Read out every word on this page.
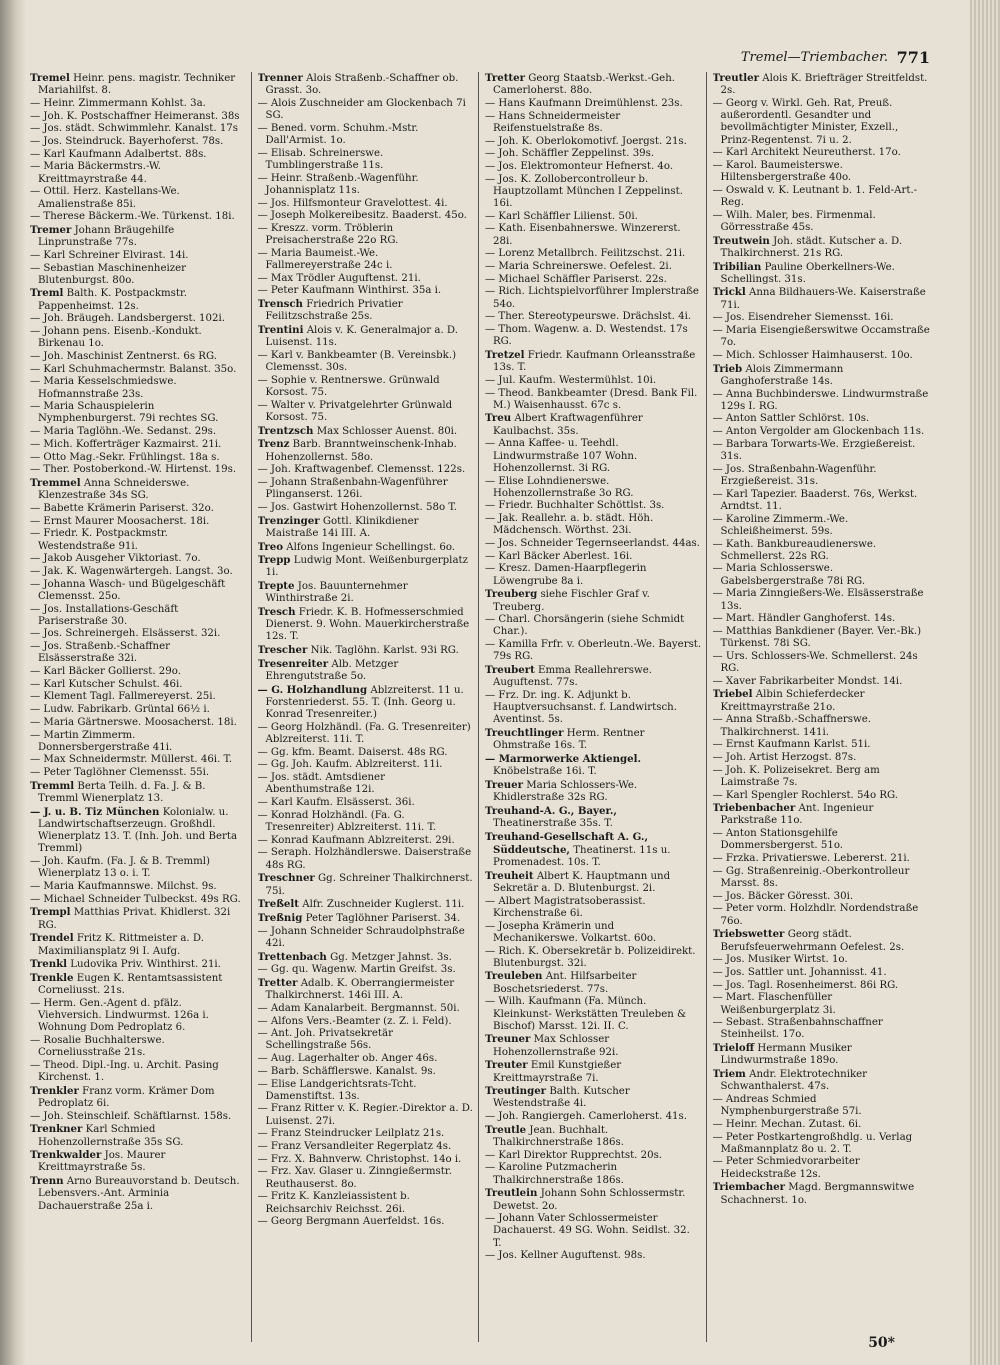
Tremel—Triembacher. 771
Tremel Heinr. pens. magistr. Techniker Mariahilfst. 8.
— Heinr. Zimmermann Kohlst. 3a.
— Joh. K. Postschaffner Heimeranst. 38s
— Jos. städt. Schwimmlehr. Kanalst. 17s
— Jos. Steindruck. Bayerhoferst. 78s.
— Karl Kaufmann Adalbertst. 88s.
— Maria Bäckermstrs.-W. Kreittmayrstraße 44.
— Ottil. Herz. Kastellans-We. Amalienstraße 85i.
— Therese Bäckerm.-We. Türkenst. 18i.
Tremer Johann Bräugehilfe Linprunstraße 77s.
— Karl Schreiner Elvirast. 14i.
— Sebastian Maschinenheizer Blutenburgst. 80o.
Treml Balth. K. Postpackmstr. Pappenheimst. 12s.
— Joh. Bräugeh. Landsbergerst. 102i.
— Johann pens. Eisenb.-Kondukt. Birkenau 1o.
— Joh. Maschinist Zentnerst. 6s RG.
— Karl Schuhmachermstr. Balanst. 35o.
— Maria Kesselschmiedswe. Hofmannstraße 23s.
— Maria Schauspielerin Nymphenburgerst. 79i rechtes SG.
— Maria Taglöhn.-We. Sedanst. 29s.
— Mich. Kofferträger Kazmairst. 21i.
— Otto Mag.-Sekr. Frühlingst. 18a s.
— Ther. Postoberkond.-W. Hirtenst. 19s.
Tremmel Anna Schneiderswe. Klenzestraße 34s SG.
— Babette Krämerin Pariserst. 32o.
— Ernst Maurer Moosacherst. 18i.
— Friedr. K. Postpackmstr. Westendstraße 91i.
— Jakob Ausgeher Viktoriast. 7o.
— Jak. K. Wagenwärtergeh. Langst. 3o.
— Johanna Wasch- und Bügelgeschäft Clemensst. 25o.
— Jos. Installations-Geschäft Pariserstraße 30.
— Jos. Schreinergeh. Elsässerst. 32i.
— Jos. Straßenb.-Schaffner Elsässerstraße 32i.
— Karl Bäcker Gollierst. 29o.
— Karl Kutscher Schulst. 46i.
— Klement Tagl. Fallmereyerst. 25i.
— Ludw. Fabrikarb. Grüntal 66½ i.
— Maria Gärtnerswe. Moosacherst. 18i.
— Martin Zimmerm. Donnersbergerstraße 41i.
— Max Schneidermstr. Müllerst. 46i. T.
— Peter Taglöhner Clemensst. 55i.
Tremml Berta Teilh. d. Fa. J. & B. Tremml Wienerplatz 13.
— J. u. B. Tiz München Kolonialw. u. Landwirtschaftserzeugn. Großhdl. Wienerplatz 13. T. (Inh. Joh. und Berta Tremml)
— Joh. Kaufm. (Fa. J. & B. Tremml) Wienerplatz 13 o. i. T.
— Maria Kaufmannswe. Milchst. 9s.
— Michael Schneider Tulbeckst. 49s RG.
Trempl Matthias Privat. Khidlerst. 32i RG.
Trendel Fritz K. Rittmeister a. D. Maximiliansplatz 9i I. Aufg.
Trenkl Ludovika Priv. Winthirst. 21i.
Trenkle Eugen K. Rentamtsassistent Corneliusst. 21s.
— Herm. Gen.-Agent d. pfälz. Viehversich. Lindwurmst. 126a i. Wohnung Dom Pedroplatz 6.
— Rosalie Buchhalterswe. Corneliusstraße 21s.
— Theod. Dipl.-Ing. u. Archit. Pasing Kirchenst. 1.
Trenkler Franz vorm. Krämer Dom Pedroplatz 6i.
— Joh. Steinschleif. Schäftlarnst. 158s.
Trenkner Karl Schmied Hohenzollernstraße 35s SG.
Trenkwalder Jos. Maurer Kreittmayrstraße 5s.
Trenn Arno Bureauvorstand b. Deutsch. Lebensvers.-Ant. Arminia Dachauerstraße 25a i.
Trenner Alois Straßenb.-Schaffner ob. Grasst. 3o.
— Alois Zuschneider am Glockenbach 7i SG.
— Bened. vorm. Schuhm.-Mstr. Dall'Armist. 1o.
— Elisab. Schreinerswe. Tumblingerstraße 11s.
— Heinr. Straßenb.-Wagenführ. Johannisplatz 11s.
— Jos. Hilfsmonteur Gravelottest. 4i.
— Joseph Molkereibesitz. Baaderst. 45o.
— Kreszz. vorm. Tröblerin Preisacherstraße 22o RG.
— Maria Baumeist.-We. Fallmereyerstraße 24c i.
— Max Trödler Auguftenst. 21i.
— Peter Kaufmann Winthirst. 35a i.
Trensch Friedrich Privatier Feilitzschstraße 25s.
Trentini Alois v. K. Generalmajor a. D. Luisenst. 11s.
— Karl v. Bankbeamter (B. Vereinsbk.) Clemensst. 30s.
— Sophie v. Rentnerswe. Grünwald Korsost. 75.
— Walter v. Privatgelehrter Grünwald Korsost. 75.
Trentzsch Max Schlosser Auenst. 80i.
Trenz Barb. Branntweinschenk-Inhab. Hohenzollernst. 58o.
— Joh. Kraftwagenbef. Clemensst. 122s.
— Johann Straßenbahn-Wagenführer Plinganserst. 126i.
— Jos. Gastwirt Hohenzollernst. 58o T.
Trenzinger Gottl. Klinikdiener Maistraße 14i III. A.
Treo Alfons Ingenieur Schellingst. 6o.
Trepp Ludwig Mont. Weißenburgerplatz 1i.
Trepte Jos. Bauunternehmer Winthirstraße 2i.
Tresch Friedr. K. B. Hofmesserschmied Dienerst. 9. Wohn. Mauerkircherstraße 12s. T.
Trescher Nik. Taglöhn. Karlst. 93i RG.
Tresenreiter Alb. Metzger Ehrengutstraße 5o.
— G. Holzhandlung Ablzreiterst. 11 u. Forstenriederst. 55. T. (Inh. Georg u. Konrad Tresenreiter.)
— Georg Holzhändl. (Fa. G. Tresenreiter) Ablzreiterst. 11i. T.
— Gg. kfm. Beamt. Daiserst. 48s RG.
— Gg. Joh. Kaufm. Ablzreiterst. 11i.
— Jos. städt. Amtsdiener Abenthumstraße 12i.
— Karl Kaufm. Elsässerst. 36i.
— Konrad Holzhändl. (Fa. G. Tresenreiter) Ablzreiterst. 11i. T.
— Konrad Kaufmann Ablzreiterst. 29i.
— Seraph. Holzhändlerswe. Daiserstraße 48s RG.
Treschner Gg. Schreiner Thalkirchnerst. 75i.
Treßelt Alfr. Zuschneider Kuglerst. 11i.
Treßnig Peter Taglöhner Pariserst. 34.
— Johann Schneider Schraudolphstraße 42i.
Trettenbach Gg. Metzger Jahnst. 3s.
— Gg. qu. Wagenw. Martin Greifst. 3s.
Tretter Adalb. K. Oberrangiermeister Thalkirchnerst. 146i III. A.
— Adam Kanalarbeit. Bergmannst. 50i.
— Alfons Vers.-Beamter (z. Z. i. Feld).
— Ant. Joh. Privatsekretär Schellingstraße 56s.
— Aug. Lagerhalter ob. Anger 46s.
— Barb. Schäfflerswe. Kanalst. 9s.
— Elise Landgerichtsrats-Tcht. Damenstiftst. 13s.
— Franz Ritter v. K. Regier.-Direktor a. D. Luisenst. 27i.
— Franz Steindrucker Leilplatz 21s.
— Franz Versandleiter Regerplatz 4s.
— Frz. X. Bahnverw. Christophst. 14o i.
— Frz. Xav. Glaser u. Zinngießermstr. Reuthauserst. 8o.
— Fritz K. Kanzleiassistent b. Reichsarchiv Reichsst. 26i.
— Georg Bergmann Auerfeldst. 16s.
Tretter Georg Staatsb.-Werkst.-Geh. Camerloherst. 88o.
— Hans Kaufmann Dreimühlenst. 23s.
— Hans Schneidermeister Reifenstuelstraße 8s.
— Joh. K. Oberlokomotivf. Joergst. 21s.
— Joh. Schäffler Zeppelinst. 39s.
— Jos. Elektromonteur Hefnerst. 4o.
— Jos. K. Zollobercontrolleur b. Hauptzollamt München I Zeppelinst. 16i.
— Karl Schäffler Lilienst. 50i.
— Kath. Eisenbahnerswe. Winzererst. 28i.
— Lorenz Metallbrch. Feilitzschst. 21i.
— Maria Schreinerswe. Oefelest. 2i.
— Michael Schäffler Pariserst. 22s.
— Rich. Lichtspielvorführer Implerstraße 54o.
— Ther. Stereotypeurswe. Drächslst. 4i.
— Thom. Wagenw. a. D. Westendst. 17s RG.
Tretzel Friedr. Kaufmann Orleansstraße 13s. T.
— Jul. Kaufm. Westermühlst. 10i.
— Theod. Bankbeamter (Dresd. Bank Fil. M.) Waisenhausst. 67c s.
Treu Albert Kraftwagenführer Kaulbachst. 35s.
— Anna Kaffee- u. Teehdl. Lindwurmstraße 107 Wohn. Hohenzollernst. 3i RG.
— Elise Lohndienerswe. Hohenzollernstraße 3o RG.
— Friedr. Buchhalter Schöttlst. 3s.
— Jak. Reallehr. a. b. städt. Höh. Mädchensch. Wörthst. 23i.
— Jos. Schneider Tegernseerlandst. 44as.
— Karl Bäcker Aberlest. 16i.
— Kresz. Damen-Haarpflegerin Löwengrube 8a i.
Treuberg siehe Fischler Graf v. Treuberg.
— Charl. Chorsängerin (siehe Schmidt Char.).
— Kamilla Frfr. v. Oberleutn.-We. Bayerst. 79s RG.
Treubert Emma Reallehrerswe. Auguftenst. 77s.
— Frz. Dr. ing. K. Adjunkt b. Hauptversuchsanst. f. Landwirtsch. Aventinst. 5s.
Treuchtlinger Herm. Rentner Ohmstraße 16s. T.
— Marmorwerke Aktiengel. Knöbelstraße 16i. T.
Treuer Maria Schlossers-We. Khidlerstraße 32s RG.
Treuhand-A. G., Bayer., Theatinerstraße 35s. T.
Treuhand-Gesellschaft A. G., Süddeutsche, Theatinerst. 11s u. Promenadest. 10s. T.
Treuheit Albert K. Hauptmann und Sekretär a. D. Blutenburgst. 2i.
— Albert Magistratsoberassist. Kirchenstraße 6i.
— Josepha Krämerin und Mechanikerswe. Volkartst. 60o.
— Rich. K. Obersekretär b. Polizeidirekt. Blutenburgst. 32i.
Treuleben Ant. Hilfsarbeiter Boschetsriederst. 77s.
— Wilh. Kaufmann (Fa. Münch. Kleinkunst- Werkstätten Treuleben & Bischof) Marsst. 12i. II. C.
Treuner Max Schlosser Hohenzollernstraße 92i.
Treuter Emil Kunstgießer Kreittmayrstraße 7i.
Treutinger Balth. Kutscher Westendstraße 4i.
— Joh. Rangiergeh. Camerloherst. 41s.
Treutle Jean. Buchhalt. Thalkirchnerstraße 186s.
— Karl Direktor Rupprechtst. 20s.
— Karoline Putzmacherin Thalkirchnerstraße 186s.
Treutlein Johann Sohn Schlossermstr. Dewetst. 2o.
— Johann Vater Schlossermeister Dachauerst. 49 SG. Wohn. Seidlst. 32. T.
— Jos. Kellner Auguftenst. 98s.
Treutler Alois K. Briefträger Streitfeldst. 2s.
— Georg v. Wirkl. Geh. Rat, Preuß. außerordentl. Gesandter und bevollmächtigter Minister, Exzell., Prinz-Regentenst. 7i u. 2.
— Karl Architekt Neureutherst. 17o.
— Karol. Baumeisterswe. Hiltensbergerstraße 40o.
— Oswald v. K. Leutnant b. 1. Feld-Art.-Reg.
— Wilh. Maler, bes. Firmenmal. Görresstraße 45s.
Treutwein Joh. städt. Kutscher a. D. Thalkirchnerst. 21s RG.
Tribilian Pauline Oberkellners-We. Schellingst. 31s.
Trickl Anna Bildhauers-We. Kaiserstraße 71i.
— Jos. Eisendreher Siemensst. 16i.
— Maria Eisengießerswitwe Occamstraße 7o.
— Mich. Schlosser Haimhauserst. 10o.
Trieb Alois Zimmermann Ganghoferstraße 14s.
— Anna Buchbinderswe. Lindwurmstraße 129s I. RG.
— Anton Sattler Schlörst. 10s.
— Anton Vergolder am Glockenbach 11s.
— Barbara Torwarts-We. Erzgießereist. 31s.
— Jos. Straßenbahn-Wagenführ. Erzgießereist. 31s.
— Karl Tapezier. Baaderst. 76s, Werkst. Arndtst. 11.
— Karoline Zimmerm.-We. Schleißheimerst. 59s.
— Kath. Bankbureaudienerswe. Schmellerst. 22s RG.
— Maria Schlosserswe. Gabelsbergerstraße 78i RG.
— Maria Zinngießers-We. Elsässerstraße 13s.
— Mart. Händler Ganghoferst. 14s.
— Matthias Bankdiener (Bayer. Ver.-Bk.) Türkenst. 78i SG.
— Urs. Schlossers-We. Schmellerst. 24s RG.
— Xaver Fabrikarbeiter Mondst. 14i.
Triebel Albin Schieferdecker Kreittmayrstraße 21o.
— Anna Straßb.-Schaffnerswe. Thalkirchnerst. 141i.
— Ernst Kaufmann Karlst. 51i.
— Joh. Artist Herzogst. 87s.
— Joh. K. Polizeisekret. Berg am Laimstraße 7s.
— Karl Spengler Rochlerst. 54o RG.
Triebenbacher Ant. Ingenieur Parkstraße 11o.
— Anton Stationsgehilfe Dommersbergerst. 51o.
— Frzka. Privatierswe. Lebererst. 21i.
— Gg. Straßenreinig.-Oberkontrolleur Marsst. 8s.
— Jos. Bäcker Göresst. 30i.
— Peter vorm. Holzhdlr. Nordendstraße 76o.
Triebswetter Georg städt. Berufsfeuerwehrmann Oefelest. 2s.
— Jos. Musiker Wirtst. 1o.
— Jos. Sattler unt. Johannisst. 41.
— Jos. Tagl. Rosenheimerst. 86i RG.
— Mart. Flaschenfüller Weißenburgerplatz 3i.
— Sebast. Straßenbahnschaffner Steinheilst. 17o.
Trieloff Hermann Musiker Lindwurmstraße 189o.
Triem Andr. Elektrotechniker Schwanthalerst. 47s.
— Andreas Schmied Nymphenburgerstraße 57i.
— Heinr. Mechan. Zutast. 6i.
— Peter Postkartengroßhdlg. u. Verlag Maßmannplatz 8o u. 2. T.
— Peter Schmiedvorarbeiter Heideckstraße 12s.
Triembacher Magd. Bergmannswitwe Schachnerst. 1o.
50*
